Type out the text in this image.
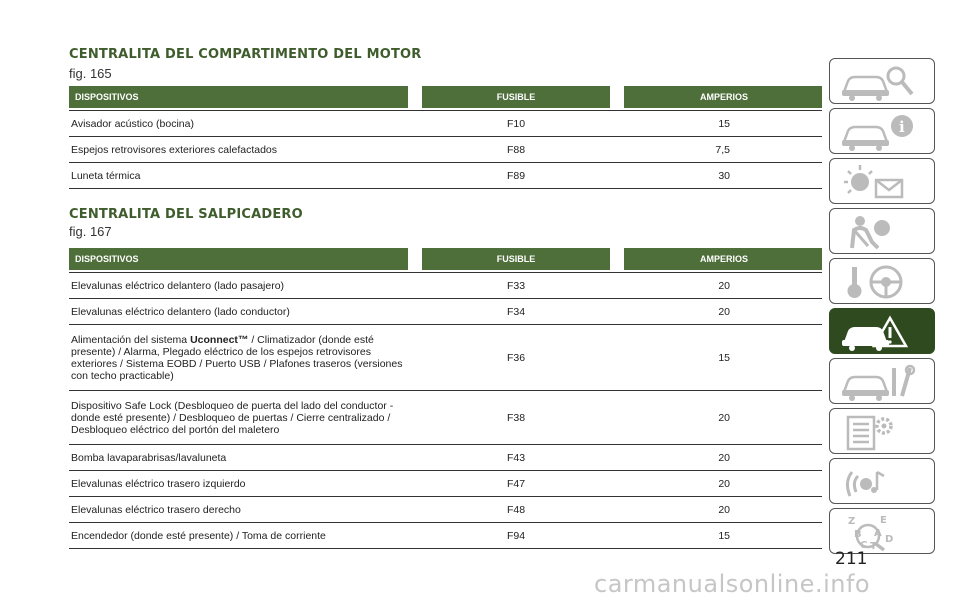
CENTRALITA DEL COMPARTIMENTO DEL MOTOR
fig. 165
DISPOSITIVOS		FUSIBLE		AMPERIOS

Avisador acústico (bocina)		F10		15
Espejos retrovisores exteriores calefactados		F88		7,5
Luneta térmica		F89		30
CENTRALITA DEL SALPICADERO
fig. 167
DISPOSITIVOS		FUSIBLE		AMPERIOS

Elevalunas eléctrico delantero (lado pasajero)		F33		20
Elevalunas eléctrico delantero (lado conductor)		F34		20
Alimentación del sistema Uconnect™ / Climatizador (donde esté presente) / Alarma, Plegado eléctrico de los espejos retrovisores exteriores / Sistema EOBD / Puerto USB / Plafones traseros (versiones con techo practicable)		F36		15
Dispositivo Safe Lock (Desbloqueo de puerta del lado del conductor - donde esté presente) / Desbloqueo de puertas / Cierre centralizado / Desbloqueo eléctrico del portón del maletero		F38		20
Bomba lavaparabrisas/lavaluneta		F43		20
Elevalunas eléctrico trasero izquierdo		F47		20
Elevalunas eléctrico trasero derecho		F48		20
Encendedor (donde esté presente) / Toma de corriente		F94		15
i
Z E
B A
C T
D
211
carmanualsonline.info
